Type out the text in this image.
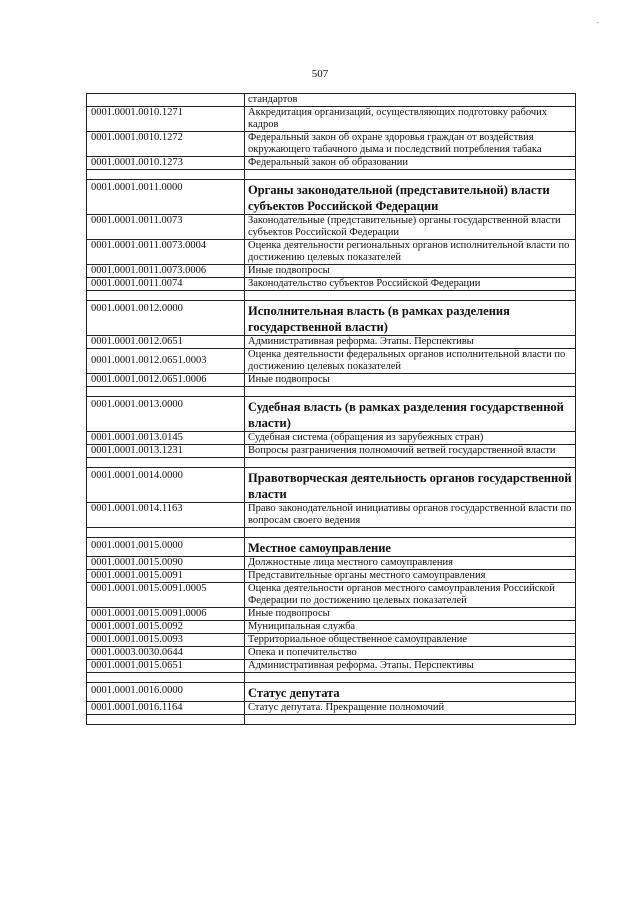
-
507
	стандартов
0001.0001.0010.1271	Аккредитация организаций, осуществляющих подготовку рабочих кадров
0001.0001.0010.1272	Федеральный закон об охране здоровья граждан от воздействия окружающего табачного дыма и последствий потребления табака
0001.0001.0010.1273	Федеральный закон об образовании

0001.0001.0011.0000	Органы законодательной (представительной) власти субъектов Российской Федерации
0001.0001.0011.0073	Законодательные (представительные) органы государственной власти субъектов Российской Федерации
0001.0001.0011.0073.0004	Оценка деятельности региональных органов исполнительной власти по достижению целевых показателей
0001.0001.0011.0073.0006	Иные подвопросы
0001.0001.0011.0074	Законодательство субъектов Российской Федерации

0001.0001.0012.0000	Исполнительная власть (в рамках разделения государственной власти)
0001.0001.0012.0651	Административная реформа. Этапы. Перспективы
0001.0001.0012.0651.0003	Оценка деятельности федеральных органов исполнительной власти по достижению целевых показателей
0001.0001.0012.0651.0006	Иные подвопросы

0001.0001.0013.0000	Судебная власть (в рамках разделения государственной власти)
0001.0001.0013.0145	Судебная система (обращения из зарубежных стран)
0001.0001.0013.1231	Вопросы разграничения полномочий ветвей государственной власти

0001.0001.0014.0000	Правотворческая деятельность органов государственной власти
0001.0001.0014.1163	Право законодательной инициативы органов государственной власти по вопросам своего ведения

0001.0001.0015.0000	Местное самоуправление
0001.0001.0015.0090	Должностные лица местного самоуправления
0001.0001.0015.0091	Представительные органы местного самоуправления
0001.0001.0015.0091.0005	Оценка деятельности органов местного самоуправления Российской Федерации по достижению целевых показателей
0001.0001.0015.0091.0006	Иные подвопросы
0001.0001.0015.0092	Муниципальная служба
0001.0001.0015.0093	Территориальное общественное самоуправление
0001.0003.0030.0644	Опека и попечительство
0001.0001.0015.0651	Административная реформа. Этапы. Перспективы

0001.0001.0016.0000	Статус депутата
0001.0001.0016.1164	Статус депутата. Прекращение полномочий
